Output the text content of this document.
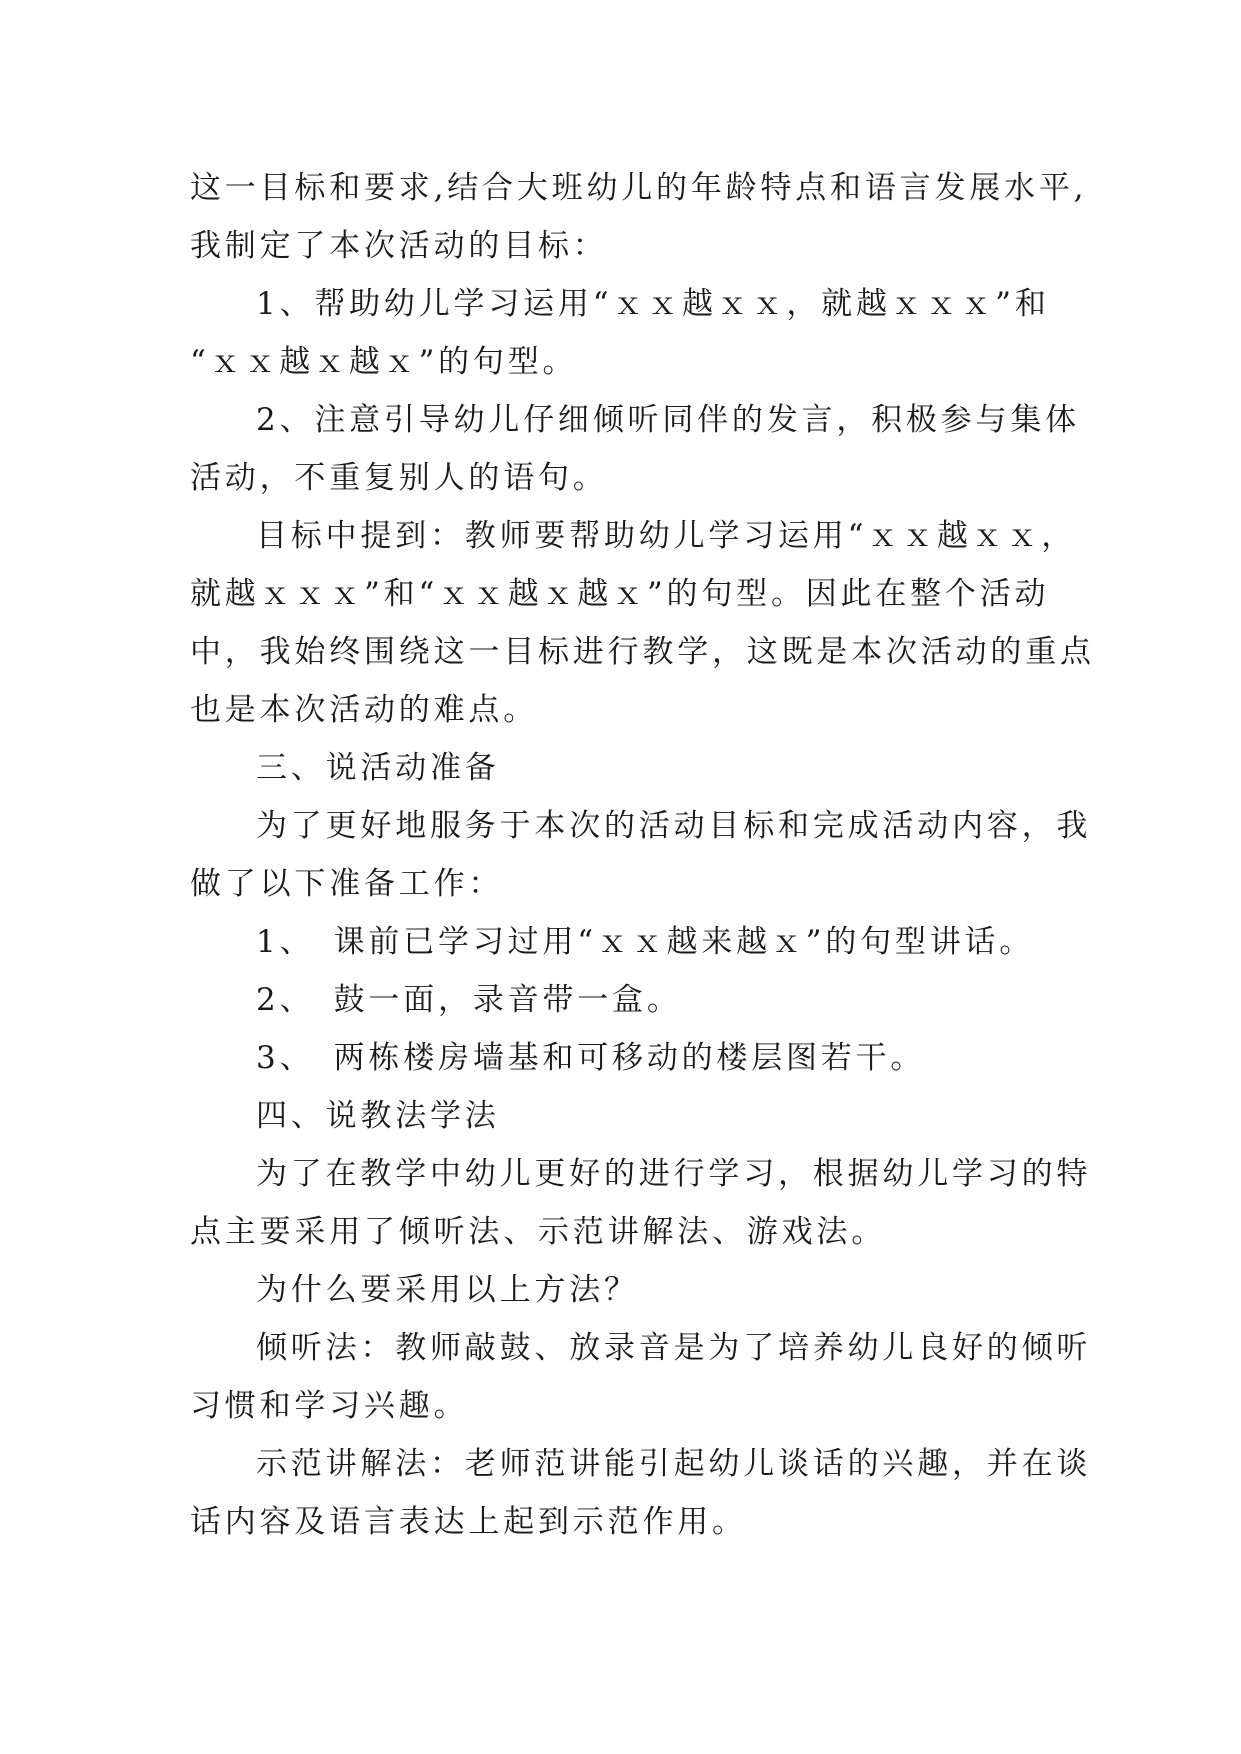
这一目标和要求,结合大班幼儿的年龄特点和语言发展水平,
我制定了本次活动的目标：
1、帮助幼儿学习运用“ｘｘ越ｘｘ，就越ｘｘｘ”和
“ｘｘ越ｘ越ｘ”的句型。
2、注意引导幼儿仔细倾听同伴的发言，积极参与集体
活动，不重复别人的语句。
目标中提到：教师要帮助幼儿学习运用“ｘｘ越ｘｘ，
就越ｘｘｘ”和“ｘｘ越ｘ越ｘ”的句型。因此在整个活动
中，我始终围绕这一目标进行教学，这既是本次活动的重点
也是本次活动的难点。
三、说活动准备
为了更好地服务于本次的活动目标和完成活动内容，我
做了以下准备工作：
1、　课前已学习过用“ｘｘ越来越ｘ”的句型讲话。
2、　鼓一面，录音带一盒。
3、　两栋楼房墙基和可移动的楼层图若干。
四、说教法学法
为了在教学中幼儿更好的进行学习，根据幼儿学习的特
点主要采用了倾听法、示范讲解法、游戏法。
为什么要采用以上方法？
倾听法：教师敲鼓、放录音是为了培养幼儿良好的倾听
习惯和学习兴趣。
示范讲解法：老师范讲能引起幼儿谈话的兴趣，并在谈
话内容及语言表达上起到示范作用。
